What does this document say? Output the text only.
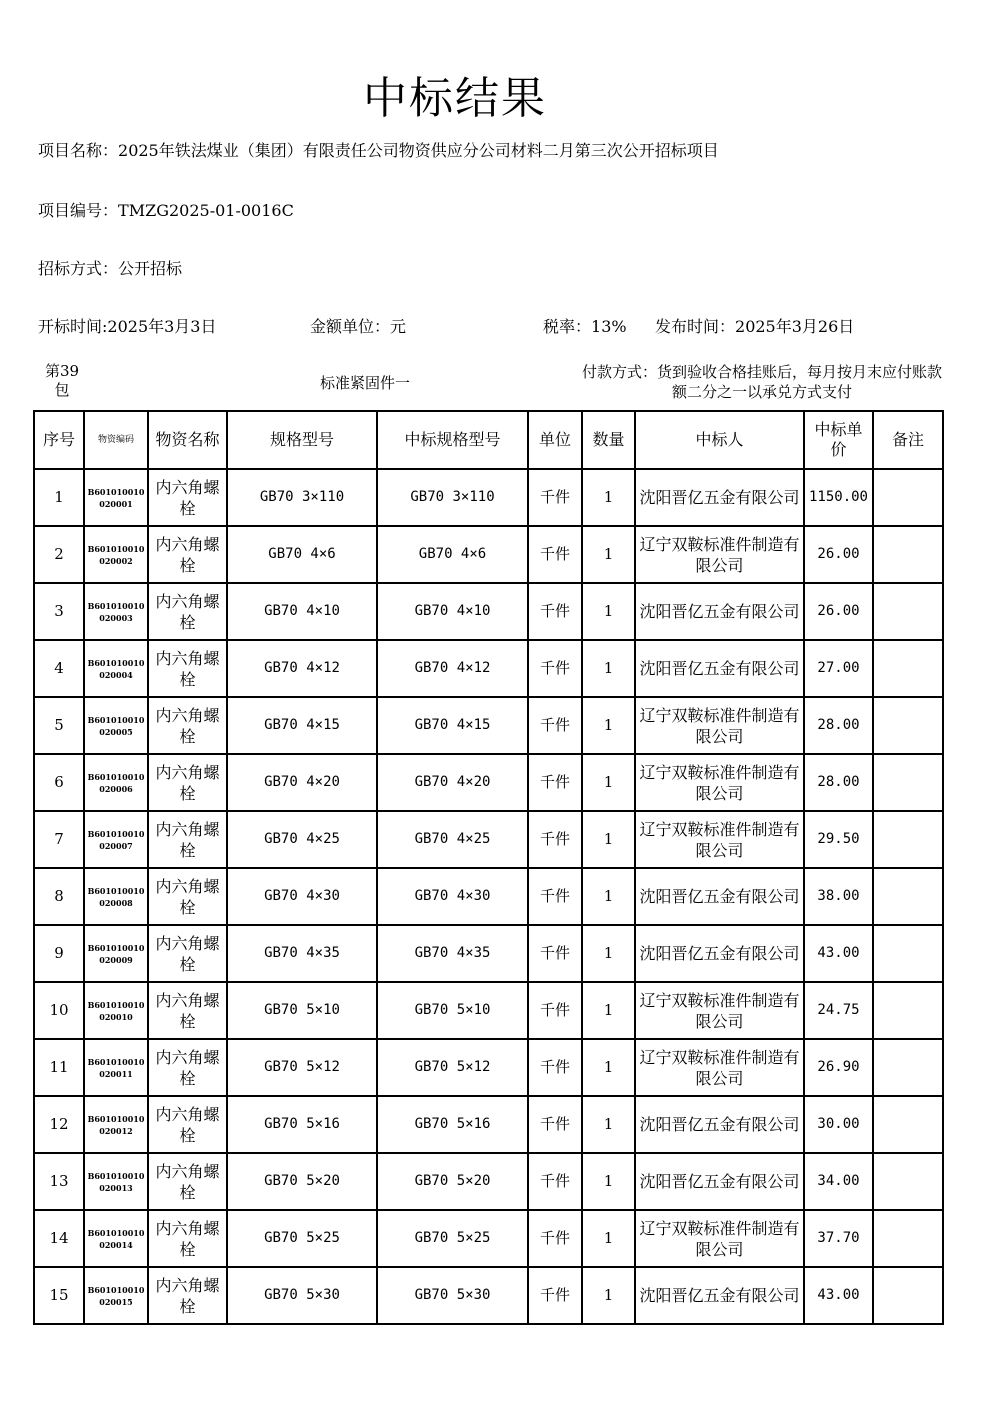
中标结果
项目名称：2025年铁法煤业（集团）有限责任公司物资供应分公司材料二月第三次公开招标项目
项目编号：TMZG2025-01-0016C
招标方式：公开招标
开标时间:2025年3月3日	金额单位：元	税率：13% 发布时间：2025年3月26日
第39包	标准紧固件一
付款方式：货到验收合格挂账后，每月按月末应付账款额二分之一以承兑方式支付
序号	物资编码	物资名称	规格型号	中标规格型号	单位	数量	中标人	中标单价	备注
1	B601010010020001	内六角螺栓	GB70 3×110	GB70 3×110	千件	1	沈阳晋亿五金有限公司	1150.00	
2	B601010010020002	内六角螺栓	GB70 4×6	GB70 4×6	千件	1	辽宁双鞍标准件制造有限公司	26.00	
3	B601010010020003	内六角螺栓	GB70 4×10	GB70 4×10	千件	1	沈阳晋亿五金有限公司	26.00	
4	B601010010020004	内六角螺栓	GB70 4×12	GB70 4×12	千件	1	沈阳晋亿五金有限公司	27.00	
5	B601010010020005	内六角螺栓	GB70 4×15	GB70 4×15	千件	1	辽宁双鞍标准件制造有限公司	28.00	
6	B601010010020006	内六角螺栓	GB70 4×20	GB70 4×20	千件	1	辽宁双鞍标准件制造有限公司	28.00	
7	B601010010020007	内六角螺栓	GB70 4×25	GB70 4×25	千件	1	辽宁双鞍标准件制造有限公司	29.50	
8	B601010010020008	内六角螺栓	GB70 4×30	GB70 4×30	千件	1	沈阳晋亿五金有限公司	38.00	
9	B601010010020009	内六角螺栓	GB70 4×35	GB70 4×35	千件	1	沈阳晋亿五金有限公司	43.00	
10	B601010010020010	内六角螺栓	GB70 5×10	GB70 5×10	千件	1	辽宁双鞍标准件制造有限公司	24.75	
11	B601010010020011	内六角螺栓	GB70 5×12	GB70 5×12	千件	1	辽宁双鞍标准件制造有限公司	26.90	
12	B601010010020012	内六角螺栓	GB70 5×16	GB70 5×16	千件	1	沈阳晋亿五金有限公司	30.00	
13	B601010010020013	内六角螺栓	GB70 5×20	GB70 5×20	千件	1	沈阳晋亿五金有限公司	34.00	
14	B601010010020014	内六角螺栓	GB70 5×25	GB70 5×25	千件	1	辽宁双鞍标准件制造有限公司	37.70	
15	B601010010020015	内六角螺栓	GB70 5×30	GB70 5×30	千件	1	沈阳晋亿五金有限公司	43.00	
